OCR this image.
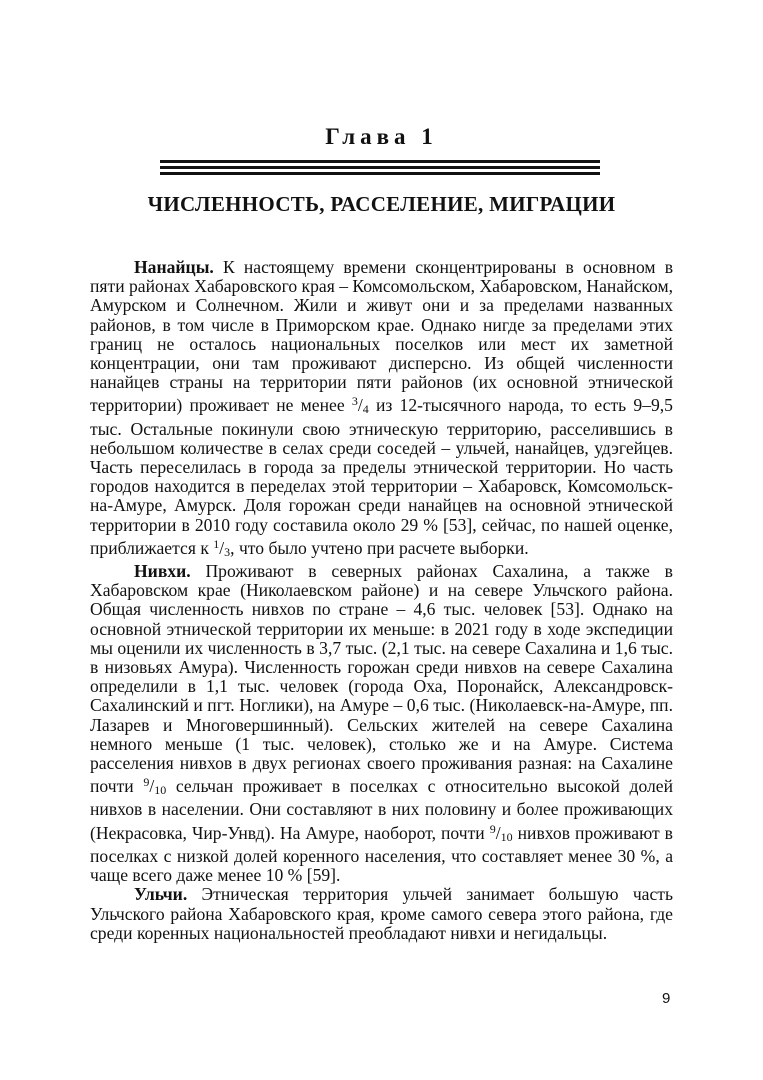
Глава 1
ЧИСЛЕННОСТЬ, РАССЕЛЕНИЕ, МИГРАЦИИ

Нанайцы. К настоящему времени сконцентрированы в основном в пяти районах Хабаровского края – Комсомольском, Хабаровском, Нанайском, Амурском и Солнечном. Жили и живут они и за пределами названных районов, в том числе в Приморском крае. Однако нигде за пределами этих границ не осталось национальных поселков или мест их заметной концентрации, они там проживают дисперсно. Из общей численности нанайцев страны на территории пяти районов (их основной этнической территории) проживает не менее $^3$/4 из 12-тысячного народа, то есть 9–9,5 тыс. Остальные покинули свою этническую территорию, расселившись в небольшом количестве в селах среди соседей – ульчей, нанайцев, удэгейцев. Часть переселилась в города за пределы этнической территории. Но часть городов находится в переделах этой территории – Хабаровск, Комсомольск-на-Амуре, Амурск. Доля горожан среди нанайцев на основной этнической территории в 2010 году составила около 29 % [53], сейчас, по нашей оценке, приближается к $^1$/3, что было учтено при расчете выборки.

Нивхи. Проживают в северных районах Сахалина, а также в Хабаровском крае (Николаевском районе) и на севере Ульчского района. Общая численность нивхов по стране – 4,6 тыс. человек [53]. Однако на основной этнической территории их меньше: в 2021 году в ходе экспедиции мы оценили их численность в 3,7 тыс. (2,1 тыс. на севере Сахалина и 1,6 тыс. в низовьях Амура). Численность горожан среди нивхов на севере Сахалина определили в 1,1 тыс. человек (города Оха, Поронайск, Александровск-Сахалинский и пгт. Ноглики), на Амуре – 0,6 тыс. (Николаевск-на-Амуре, пп. Лазарев и Многовершинный). Сельских жителей на севере Сахалина немного меньше (1 тыс. человек), столько же и на Амуре. Система расселения нивхов в двух регионах своего проживания разная: на Сахалине почти $^9$/10 сельчан проживает в поселках с относительно высокой долей нивхов в населении. Они составляют в них половину и более проживающих (Некрасовка, Чир-Унвд). На Амуре, наоборот, почти $^9$/10 нивхов проживают в поселках с низкой долей коренного населения, что составляет менее 30 %, а чаще всего даже менее 10 % [59].

Ульчи. Этническая территория ульчей занимает большую часть Ульчского района Хабаровского края, кроме самого севера этого района, где среди коренных национальностей преобладают нивхи и негидальцы.

9
